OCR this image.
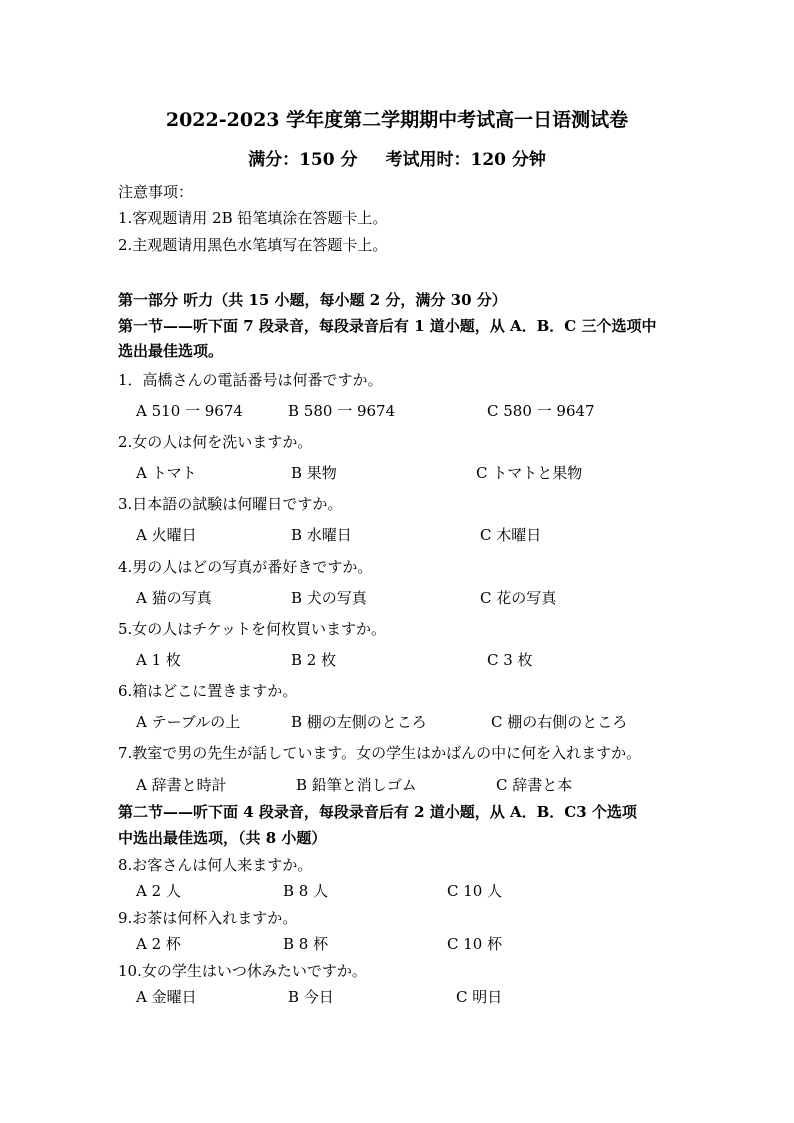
2022-2023 学年度第二学期期中考试高一日语测试卷
满分：150 分 考试用时：120 分钟
注意事项：
1.客观题请用 2B 铅笔填涂在答题卡上。
2.主观题请用黑色水笔填写在答题卡上。
第一部分 听力（共 15 小题，每小题 2 分，满分 30 分）
第一节——听下面 7 段录音，每段录音后有 1 道小题，从 A．B．C 三个选项中
选出最佳选项。
1．高橋さんの電話番号は何番ですか。
A 510 一 9674	B 580 一 9674	C 580 一 9647
2.女の人は何を洗いますか。
A トマト	B 果物	C トマトと果物
3.日本語の試験は何曜日ですか。
A 火曜日	B 水曜日	C 木曜日
4.男の人はどの写真が番好きですか。
A 猫の写真	B 犬の写真	C 花の写真
5.女の人はチケットを何枚買いますか。
A 1 枚	B 2 枚	C 3 枚
6.箱はどこに置きますか。
A テーブルの上	B 棚の左側のところ	C 棚の右側のところ
7.教室で男の先生が話しています。女の学生はかばんの中に何を入れますか。
A 辞書と時計	B 鉛筆と消しゴム	C 辞書と本
第二节——听下面 4 段录音，每段录音后有 2 道小题，从 A．B．C3 个选项
中选出最佳选项，（共 8 小题）
8.お客さんは何人来ますか。
A 2 人	B 8 人	C 10 人
9.お茶は何杯入れますか。
A 2 杯	B 8 杯	C 10 杯
10.女の学生はいつ休みたいですか。
A 金曜日	B 今日	C 明日
